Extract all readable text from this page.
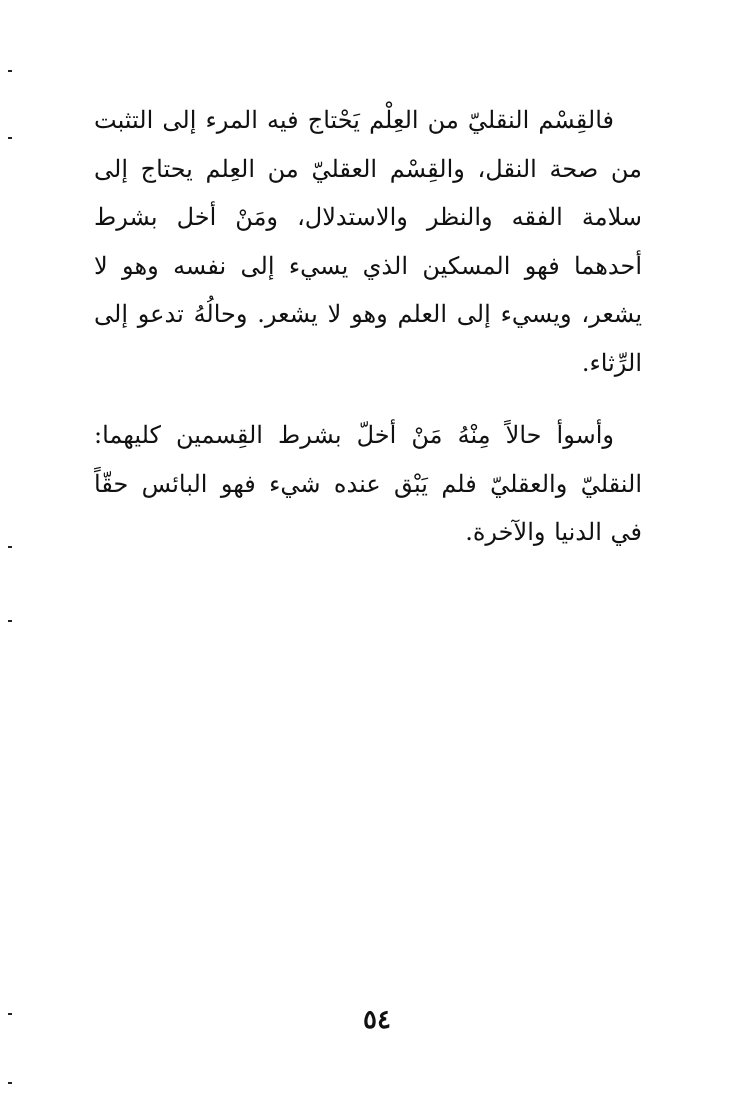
فالقِسْم النقليّ من العِلْم يَحْتاج فيه المرء إلى التثبت من صحة النقل، والقِسْم العقليّ من العِلم يحتاج إلى سلامة الفقه والنظر والاستدلال، ومَنْ أخل بشرط أحدهما فهو المسكين الذي يسيء إلى نفسه وهو لا يشعر، ويسيء إلى العلم وهو لا يشعر. وحالُهُ تدعو إلى الرِّثاء.

وأسوأ حالاً مِنْهُ مَنْ أخلّ بشرط القِسمين كليهما: النقليّ والعقليّ فلم يَبْق عنده شيء فهو البائس حقّاً في الدنيا والآخرة.

٥٤
